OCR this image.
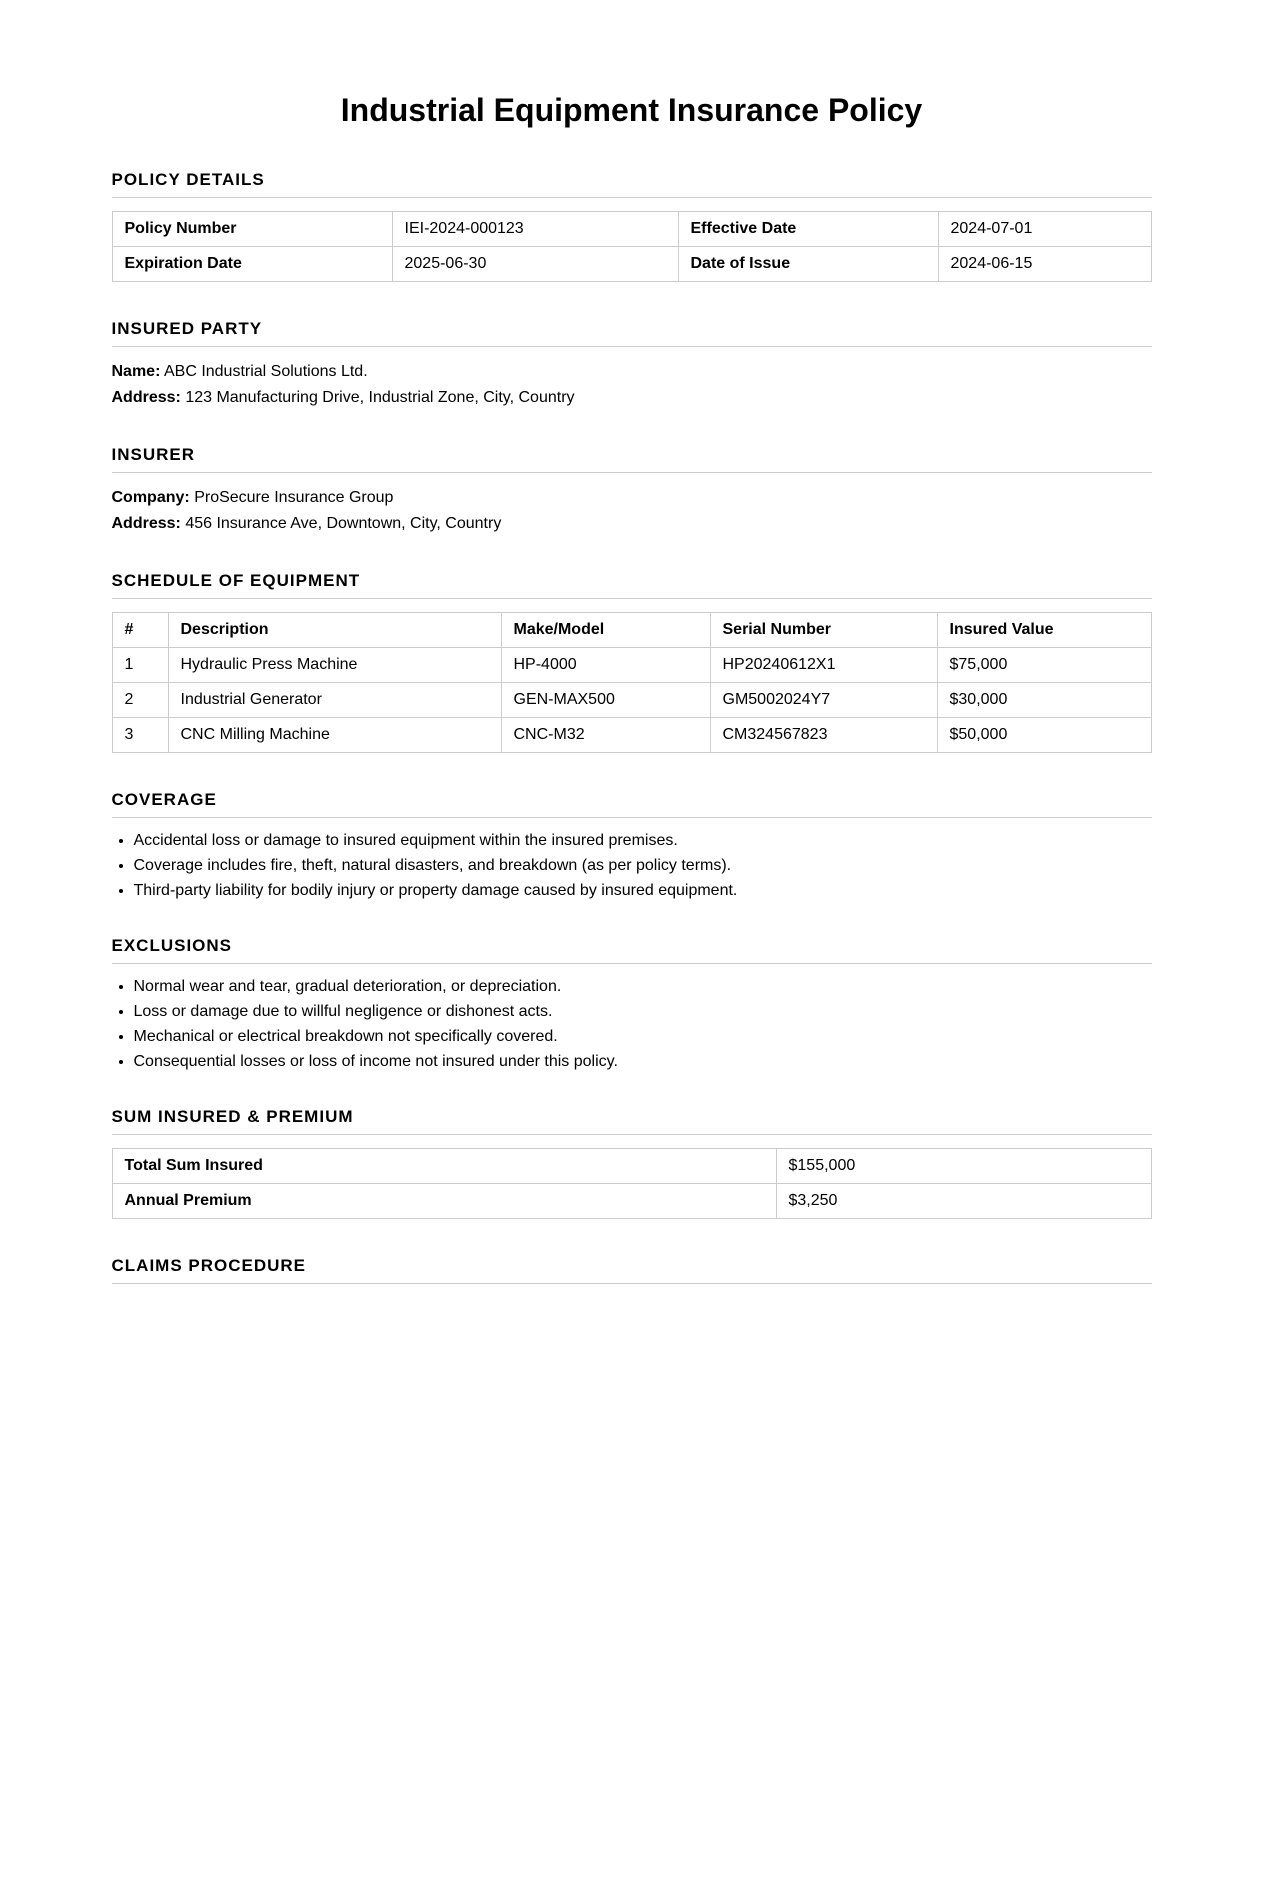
Industrial Equipment Insurance Policy
POLICY DETAILS
Policy Number	IEI-2024-000123	Effective Date	2024-07-01
Expiration Date	2025-06-30	Date of Issue	2024-06-15
INSURED PARTY

Name: ABC Industrial Solutions Ltd.

Address: 123 Manufacturing Drive, Industrial Zone, City, Country

INSURER

Company: ProSecure Insurance Group

Address: 456 Insurance Ave, Downtown, City, Country

SCHEDULE OF EQUIPMENT
#	Description	Make/Model	Serial Number	Insured Value
1	Hydraulic Press Machine	HP-4000	HP20240612X1	$75,000
2	Industrial Generator	GEN-MAX500	GM5002024Y7	$30,000
3	CNC Milling Machine	CNC-M32	CM324567823	$50,000
COVERAGE
• Accidental loss or damage to insured equipment within the insured premises.
• Coverage includes fire, theft, natural disasters, and breakdown (as per policy terms).
• Third-party liability for bodily injury or property damage caused by insured equipment.
EXCLUSIONS
• Normal wear and tear, gradual deterioration, or depreciation.
• Loss or damage due to willful negligence or dishonest acts.
• Mechanical or electrical breakdown not specifically covered.
• Consequential losses or loss of income not insured under this policy.
SUM INSURED & PREMIUM
Total Sum Insured	$155,000
Annual Premium	$3,250
CLAIMS PROCEDURE
